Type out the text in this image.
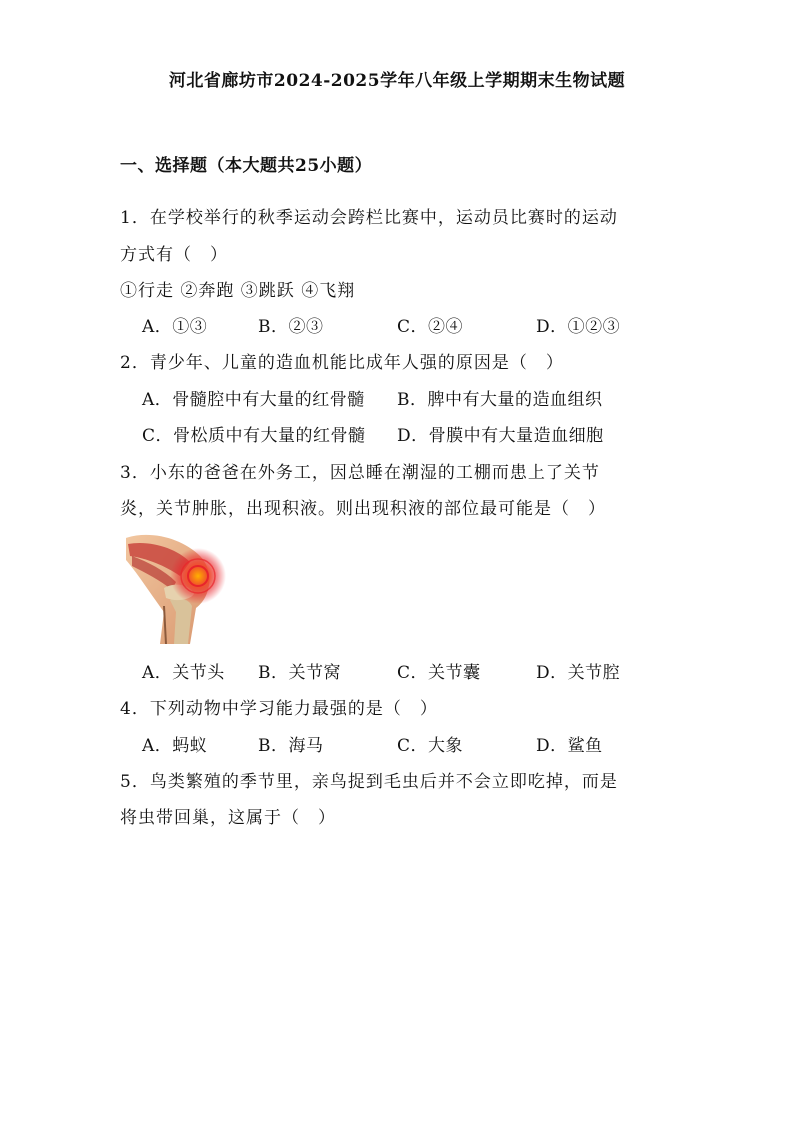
河北省廊坊市2024-2025学年八年级上学期期末生物试题
一、选择题（本大题共25小题）
1．在学校举行的秋季运动会跨栏比赛中，运动员比赛时的运动
方式有（　）
①行走 ②奔跑 ③跳跃 ④飞翔
A．①③	B．②③	C．②④	D．①②③
2．青少年、儿童的造血机能比成年人强的原因是（　）
A．骨髓腔中有大量的红骨髓 B．脾中有大量的造血组织
C．骨松质中有大量的红骨髓 D．骨膜中有大量造血细胞
3．小东的爸爸在外务工，因总睡在潮湿的工棚而患上了关节
炎，关节肿胀，出现积液。则出现积液的部位最可能是（　）
A．关节头 B．关节窝	C．关节囊	D．关节腔
4．下列动物中学习能力最强的是（　）
A．蚂蚁	B．海马	C．大象	D．鲨鱼
5．鸟类繁殖的季节里，亲鸟捉到毛虫后并不会立即吃掉，而是
将虫带回巢，这属于（　）
